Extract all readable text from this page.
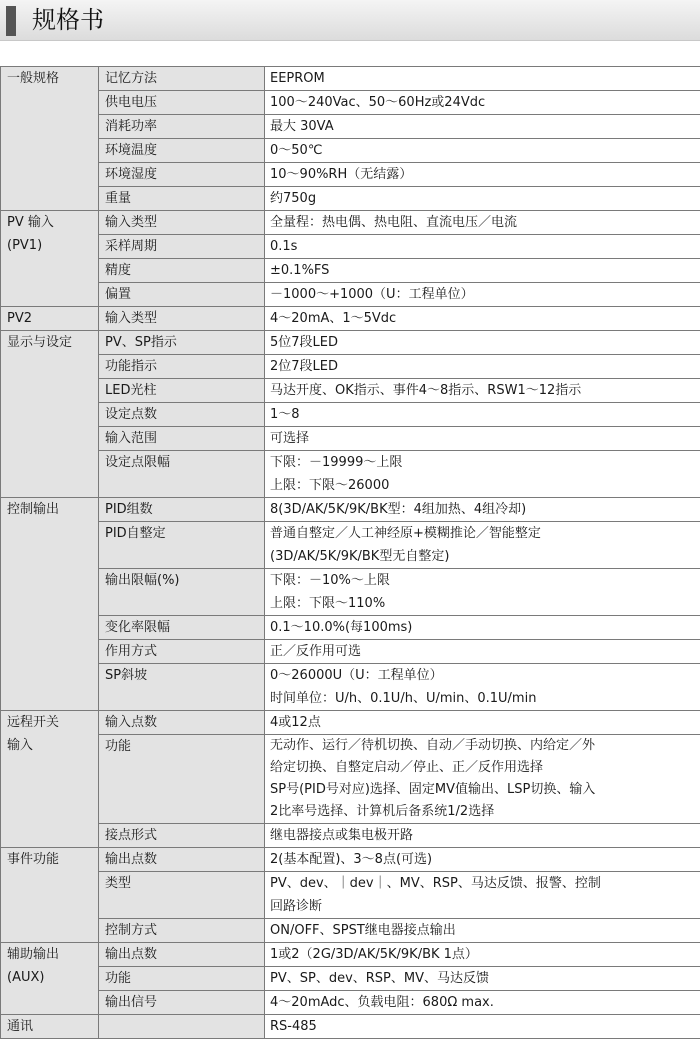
规格书
一般规格	记忆方法	EEPROM

	供电电压	100～240Vac、50～60Hz或24Vdc

	消耗功率	最大 30VA

	环境温度	0～50℃

	环境湿度	10～90%RH（无结露）

	重量	约750g

PV 输入
(PV1)	输入类型	全量程：热电偶、热电阻、直流电压／电流

	采样周期	0.1s

	精度	±0.1%FS

	偏置	－1000～+1000（U：工程单位）

PV2	输入类型	4～20mA、1～5Vdc

显示与设定	PV、SP指示	5位7段LED

	功能指示	2位7段LED

	LED光柱	马达开度、OK指示、事件4～8指示、RSW1～12指示

	设定点数	1～8

	输入范围	可选择

	设定点限幅	下限：－19999～上限
上限：下限～26000

控制输出	PID组数	8(3D/AK/5K/9K/BK型：4组加热、4组冷却)

	PID自整定	普通自整定／人工神经原+模糊推论／智能整定
(3D/AK/5K/9K/BK型无自整定)

	输出限幅(%)	下限：－10%～上限
上限：下限～110%

	变化率限幅	0.1～10.0%(每100ms)

	作用方式	正／反作用可选

	SP斜坡	0～26000U（U：工程单位）
时间单位：U/h、0.1U/h、U/min、0.1U/min

远程开关
输入	输入点数	4或12点

	功能	无动作、运行／待机切换、自动／手动切换、内给定／外
给定切换、自整定启动／停止、正／反作用选择
SP号(PID号对应)选择、固定MV值输出、LSP切换、输入
2比率号选择、计算机后备系统1/2选择

	接点形式	继电器接点或集电极开路

事件功能	输出点数	2(基本配置)、3～8点(可选)

	类型	PV、dev、｜dev｜、MV、RSP、马达反馈、报警、控制
回路诊断

	控制方式	ON/OFF、SPST继电器接点输出

辅助输出
(AUX)	输出点数	1或2（2G/3D/AK/5K/9K/BK 1点）

	功能	PV、SP、dev、RSP、MV、马达反馈

	输出信号	4～20mAdc、负载电阻：680Ω max.

通讯		RS-485
